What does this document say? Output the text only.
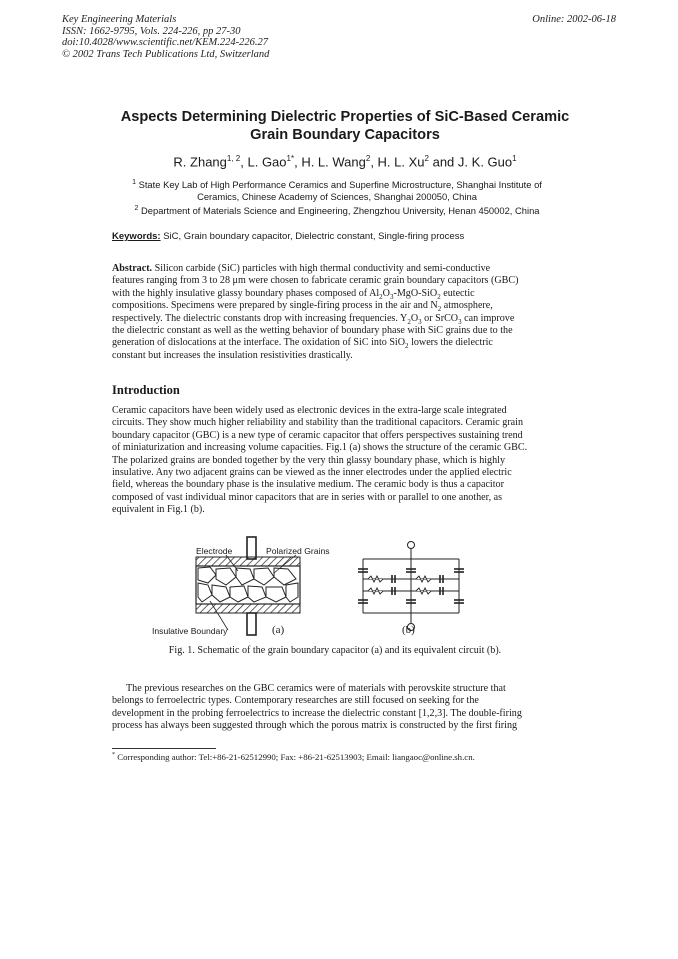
Key Engineering Materials
ISSN: 1662-9795, Vols. 224-226, pp 27-30
doi:10.4028/www.scientific.net/KEM.224-226.27
© 2002 Trans Tech Publications Ltd, Switzerland
Online: 2002-06-18
Aspects Determining Dielectric Properties of SiC-Based Ceramic
Grain Boundary Capacitors
R. Zhang$^{1, 2}$, L. Gao$^{1*}$, H. L. Wang$^2$, H. L. Xu$^2$ and J. K. Guo$^1$
$^1$ State Key Lab of High Performance Ceramics and Superfine Microstructure, Shanghai Institute of
Ceramics, Chinese Academy of Sciences, Shanghai 200050, China
$^2$ Department of Materials Science and Engineering, Zhengzhou University, Henan 450002, China
Keywords: SiC, Grain boundary capacitor, Dielectric constant, Single-firing process
Abstract. Silicon carbide (SiC) particles with high thermal conductivity and semi-conductive
features ranging from 3 to 28 μm were chosen to fabricate ceramic grain boundary capacitors (GBC)
with the highly insulative glassy boundary phases composed of $Al_2O_3-MgO-SiO_2$ eutectic
compositions. Specimens were prepared by single-firing process in the air and $N_2$ atmosphere,
respectively. The dielectric constants drop with increasing frequencies. $Y_2O_3$ or SrCO$_3$ can improve
the dielectric constant as well as the wetting behavior of boundary phase with SiC grains due to the
generation of dislocations at the interface. The oxidation of SiC into SiO$_2$ lowers the dielectric
constant but increases the insulation resistivities drastically.
Introduction
Ceramic capacitors have been widely used as electronic devices in the extra-large scale integrated
circuits. They show much higher reliability and stability than the traditional capacitors. Ceramic grain
boundary capacitor (GBC) is a new type of ceramic capacitor that offers perspectives sustaining trend
of miniaturization and increasing volume capacities. Fig.1 (a) shows the structure of the ceramic GBC.
The polarized grains are bonded together by the very thin glassy boundary phase, which is highly
insulative. Any two adjacent grains can be viewed as the inner electrodes under the applied electric
field, whereas the boundary phase is the insulative medium. The ceramic body is thus a capacitor
composed of vast individual minor capacitors that are in series with or parallel to one another, as
equivalent in Fig.1 (b).
Electrode	Polarized Grains
Insulative Boundary	(a)	(b)
Fig. 1. Schematic of the grain boundary capacitor (a) and its equivalent circuit (b).
The previous researches on the GBC ceramics were of materials with perovskite structure that
belongs to ferroelectric types. Contemporary researches are still focused on seeking for the
development in the probing ferroelectrics to increase the dielectric constant [1,2,3]. The double-firing
process has always been suggested through which the porous matrix is constructed by the first firing
* Corresponding author: Tel:+86-21-62512990; Fax: +86-21-62513903; Email: liangaoc@online.sh.cn.
